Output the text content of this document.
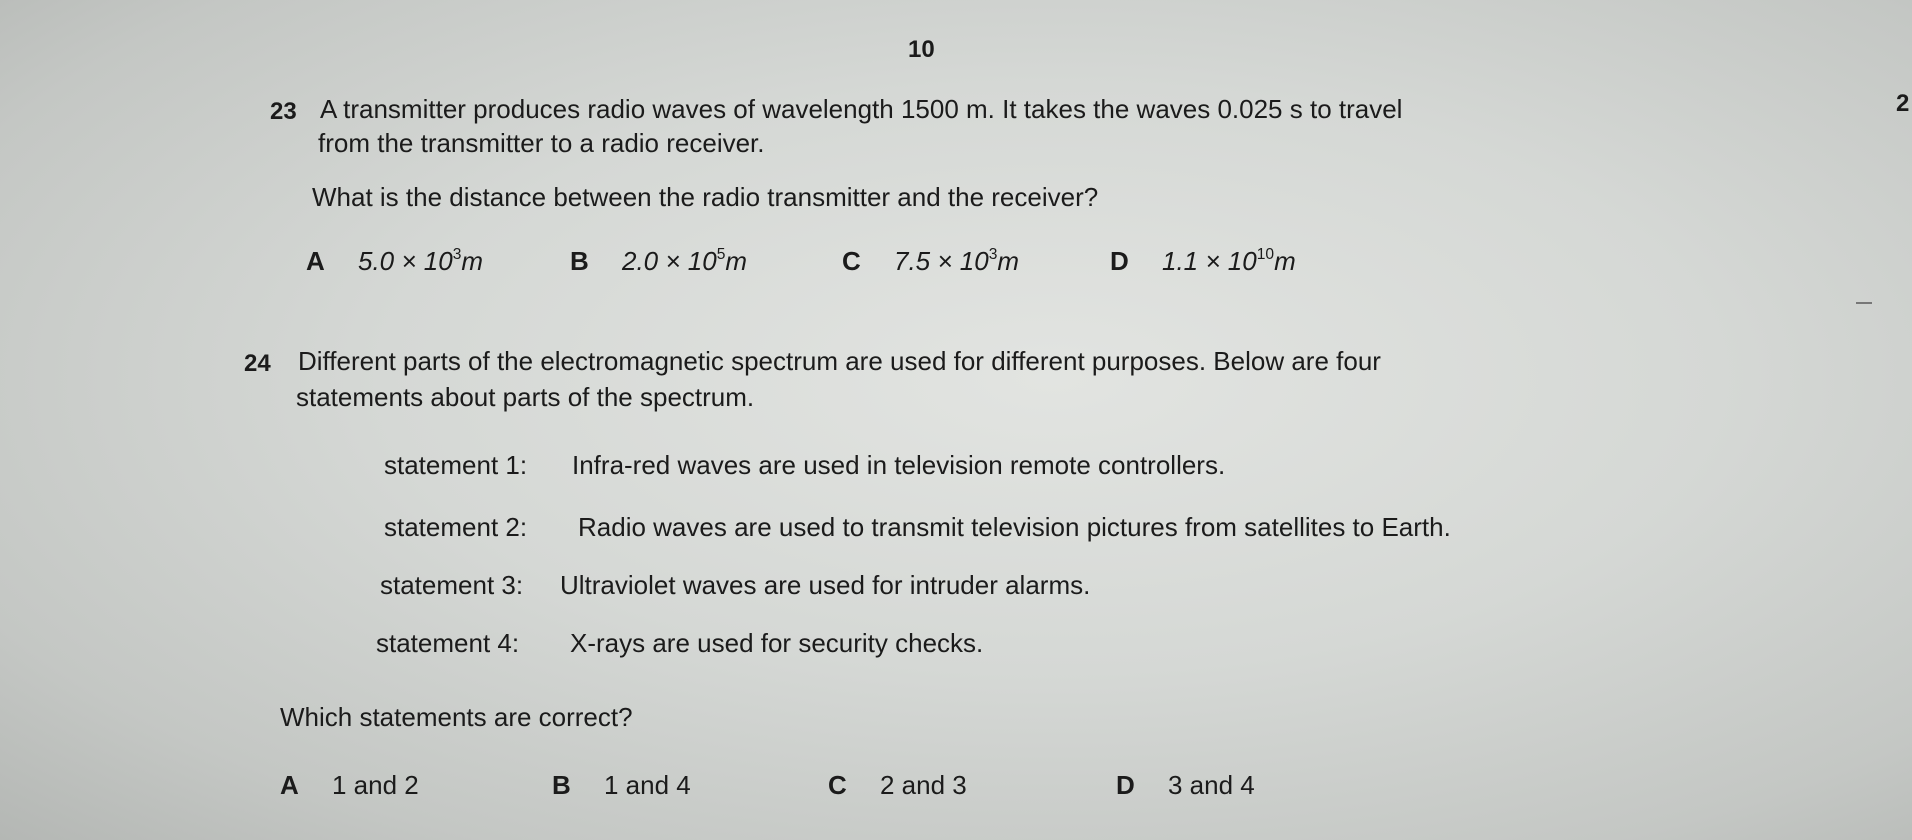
10
2
23 A transmitter produces radio waves of wavelength 1500 m. It takes the waves 0.025 s to travel
from the transmitter to a radio receiver.
What is the distance between the radio transmitter and the receiver?
A $5.0 \times 10^3m$	B $2.0 \times 10^5m$	C $7.5 \times 10^3m$	D $1.1 \times 10^{10}m$
24 Different parts of the electromagnetic spectrum are used for different purposes. Below are four
statements about parts of the spectrum.
statement 1: Infra-red waves are used in television remote controllers.
statement 2: Radio waves are used to transmit television pictures from satellites to Earth.
statement 3: Ultraviolet waves are used for intruder alarms.
statement 4: X-rays are used for security checks.
Which statements are correct?
A 1 and 2	B 1 and 4	C 2 and 3	D 3 and 4
